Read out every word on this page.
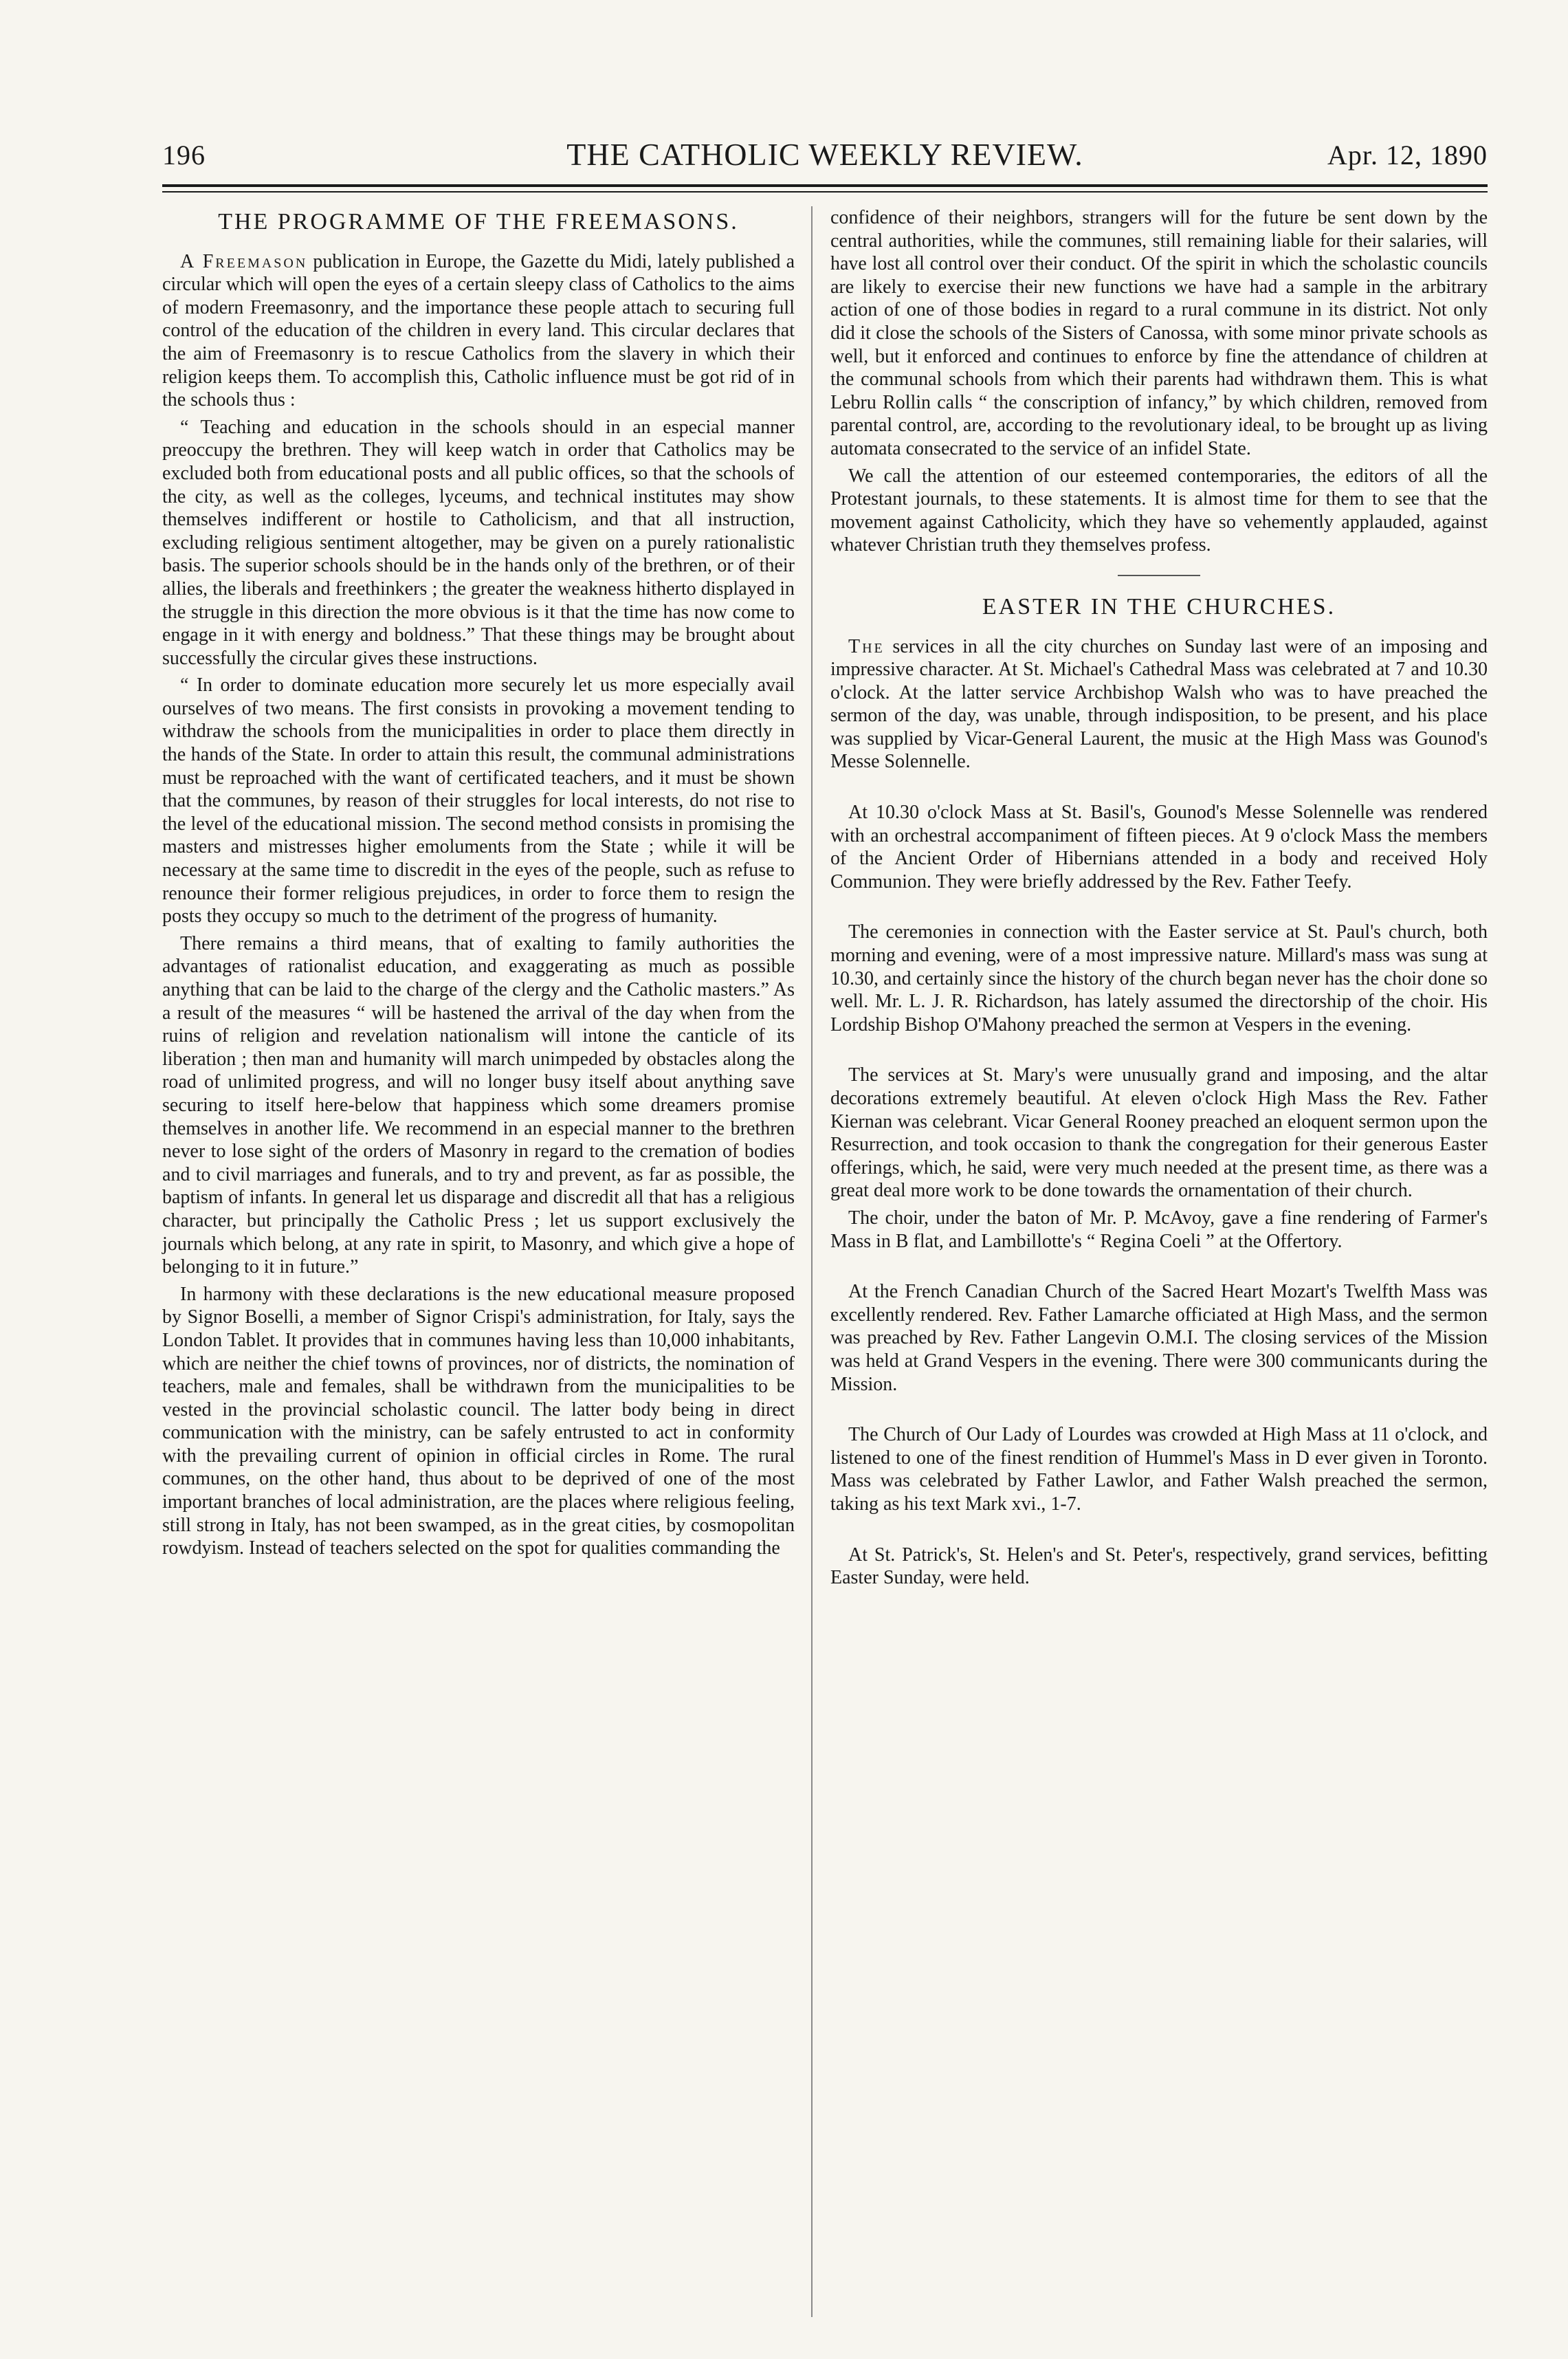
196	THE CATHOLIC WEEKLY REVIEW.	Apr. 12, 1890
THE PROGRAMME OF THE FREEMASONS.

A Freemason publication in Europe, the Gazette du Midi, lately published a circular which will open the eyes of a certain sleepy class of Catholics to the aims of modern Freemasonry, and the importance these people attach to securing full control of the education of the children in every land. This circular declares that the aim of Freemasonry is to rescue Catholics from the slavery in which their religion keeps them. To accomplish this, Catholic influence must be got rid of in the schools thus :

“ Teaching and education in the schools should in an especial manner preoccupy the brethren. They will keep watch in order that Catholics may be excluded both from educational posts and all public offices, so that the schools of the city, as well as the colleges, lyceums, and technical institutes may show themselves indifferent or hostile to Catholicism, and that all instruction, excluding religious sentiment altogether, may be given on a purely rationalistic basis. The superior schools should be in the hands only of the brethren, or of their allies, the liberals and freethinkers ; the greater the weakness hitherto displayed in the struggle in this direction the more obvious is it that the time has now come to engage in it with energy and boldness.” That these things may be brought about successfully the circular gives these instructions.

“ In order to dominate education more securely let us more especially avail ourselves of two means. The first consists in provoking a movement tending to withdraw the schools from the municipalities in order to place them directly in the hands of the State. In order to attain this result, the communal administrations must be reproached with the want of certificated teachers, and it must be shown that the communes, by reason of their struggles for local interests, do not rise to the level of the educational mission. The second method consists in promising the masters and mistresses higher emoluments from the State ; while it will be necessary at the same time to discredit in the eyes of the people, such as refuse to renounce their former religious prejudices, in order to force them to resign the posts they occupy so much to the detriment of the progress of humanity.

There remains a third means, that of exalting to family authorities the advantages of rationalist education, and exaggerating as much as possible anything that can be laid to the charge of the clergy and the Catholic masters.” As a result of the measures “ will be hastened the arrival of the day when from the ruins of religion and revelation nationalism will intone the canticle of its liberation ; then man and humanity will march unimpeded by obstacles along the road of unlimited progress, and will no longer busy itself about anything save securing to itself here-below that happiness which some dreamers promise themselves in another life. We recommend in an especial manner to the brethren never to lose sight of the orders of Masonry in regard to the cremation of bodies and to civil marriages and funerals, and to try and prevent, as far as possible, the baptism of infants. In general let us disparage and discredit all that has a religious character, but principally the Catholic Press ; let us support exclusively the journals which belong, at any rate in spirit, to Masonry, and which give a hope of belonging to it in future.”

In harmony with these declarations is the new educational measure proposed by Signor Boselli, a member of Signor Crispi's administration, for Italy, says the London Tablet. It provides that in communes having less than 10,000 inhabitants, which are neither the chief towns of provinces, nor of districts, the nomination of teachers, male and females, shall be withdrawn from the municipalities to be vested in the provincial scholastic council. The latter body being in direct communication with the ministry, can be safely entrusted to act in conformity with the prevailing current of opinion in official circles in Rome. The rural communes, on the other hand, thus about to be deprived of one of the most important branches of local administration, are the places where religious feeling, still strong in Italy, has not been swamped, as in the great cities, by cosmopolitan rowdyism. Instead of teachers selected on the spot for qualities commanding the

confidence of their neighbors, strangers will for the future be sent down by the central authorities, while the communes, still remaining liable for their salaries, will have lost all control over their conduct. Of the spirit in which the scholastic councils are likely to exercise their new functions we have had a sample in the arbitrary action of one of those bodies in regard to a rural commune in its district. Not only did it close the schools of the Sisters of Canossa, with some minor private schools as well, but it enforced and continues to enforce by fine the attendance of children at the communal schools from which their parents had withdrawn them. This is what Lebru Rollin calls “ the conscription of infancy,” by which children, removed from parental control, are, according to the revolutionary ideal, to be brought up as living automata consecrated to the service of an infidel State.

We call the attention of our esteemed contemporaries, the editors of all the Protestant journals, to these statements. It is almost time for them to see that the movement against Catholicity, which they have so vehemently applauded, against whatever Christian truth they themselves profess.

EASTER IN THE CHURCHES.

The services in all the city churches on Sunday last were of an imposing and impressive character. At St. Michael's Cathedral Mass was celebrated at 7 and 10.30 o'clock. At the latter service Archbishop Walsh who was to have preached the sermon of the day, was unable, through indisposition, to be present, and his place was supplied by Vicar-General Laurent, the music at the High Mass was Gounod's Messe Solennelle.

At 10.30 o'clock Mass at St. Basil's, Gounod's Messe Solennelle was rendered with an orchestral accompaniment of fifteen pieces. At 9 o'clock Mass the members of the Ancient Order of Hibernians attended in a body and received Holy Communion. They were briefly addressed by the Rev. Father Teefy.

The ceremonies in connection with the Easter service at St. Paul's church, both morning and evening, were of a most impressive nature. Millard's mass was sung at 10.30, and certainly since the history of the church began never has the choir done so well. Mr. L. J. R. Richardson, has lately assumed the directorship of the choir. His Lordship Bishop O'Mahony preached the sermon at Vespers in the evening.

The services at St. Mary's were unusually grand and imposing, and the altar decorations extremely beautiful. At eleven o'clock High Mass the Rev. Father Kiernan was celebrant. Vicar General Rooney preached an eloquent sermon upon the Resurrection, and took occasion to thank the congregation for their generous Easter offerings, which, he said, were very much needed at the present time, as there was a great deal more work to be done towards the ornamentation of their church.

The choir, under the baton of Mr. P. McAvoy, gave a fine rendering of Farmer's Mass in B flat, and Lambillotte's “ Regina Coeli ” at the Offertory.

At the French Canadian Church of the Sacred Heart Mozart's Twelfth Mass was excellently rendered. Rev. Father Lamarche officiated at High Mass, and the sermon was preached by Rev. Father Langevin O.M.I. The closing services of the Mission was held at Grand Vespers in the evening. There were 300 communicants during the Mission.

The Church of Our Lady of Lourdes was crowded at High Mass at 11 o'clock, and listened to one of the finest rendition of Hummel's Mass in D ever given in Toronto. Mass was celebrated by Father Lawlor, and Father Walsh preached the sermon, taking as his text Mark xvi., 1-7.

At St. Patrick's, St. Helen's and St. Peter's, respectively, grand services, befitting Easter Sunday, were held.
